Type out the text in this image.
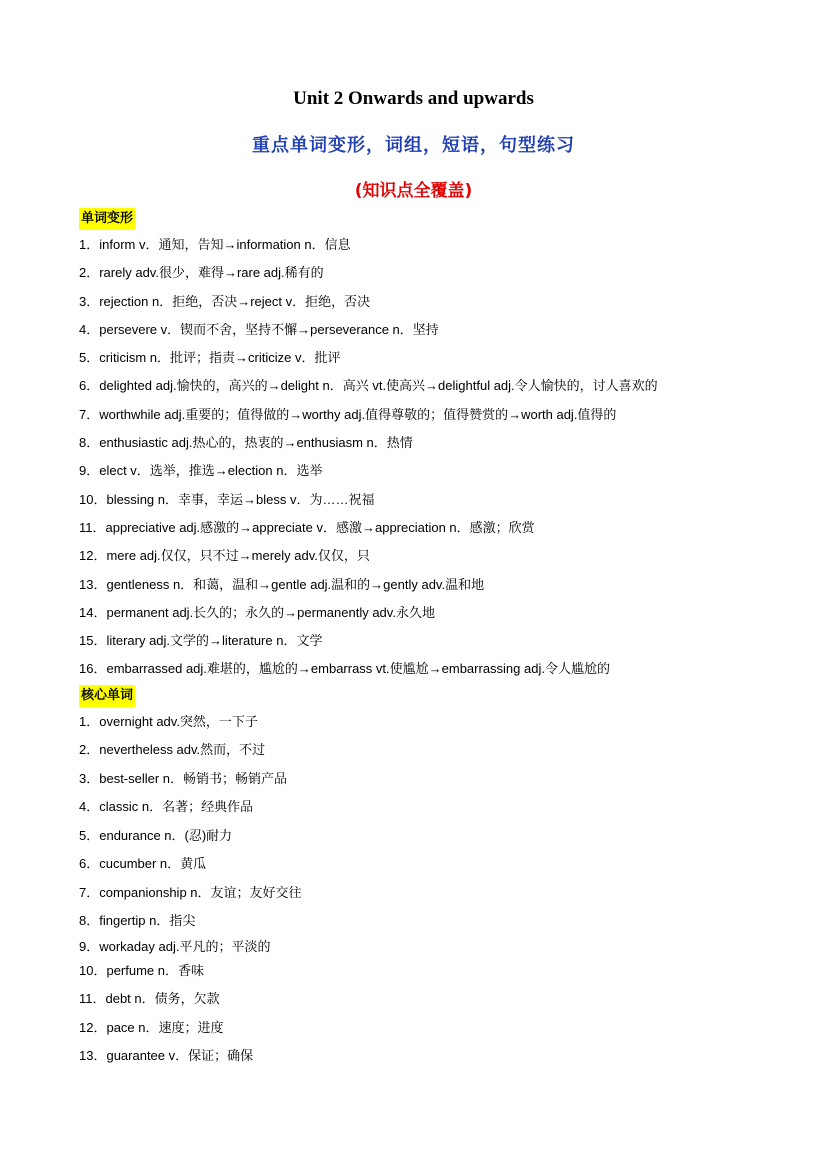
Unit 2 Onwards and upwards
重点单词变形，词组，短语，句型练习
(知识点全覆盖)
单词变形
1．inform v．通知，告知→information n．信息
2．rarely adv.很少，难得→rare adj.稀有的
3．rejection n．拒绝，否决→reject v．拒绝，否决
4．persevere v．锲而不舍，坚持不懈→perseverance n．坚持
5．criticism n．批评；指责→criticize v．批评
6．delighted adj.愉快的，高兴的→delight n．高兴 vt.使高兴→delightful adj.令人愉快的，讨人喜欢的
7．worthwhile adj.重要的；值得做的→worthy adj.值得尊敬的；值得赞赏的→worth adj.值得的
8．enthusiastic adj.热心的，热衷的→enthusiasm n．热情
9．elect v．选举，推选→election n．选举
10．blessing n．幸事，幸运→bless v．为……祝福
11．appreciative adj.感激的→appreciate v．感激→appreciation n．感激；欣赏
12．mere adj.仅仅，只不过→merely adv.仅仅，只
13．gentleness n．和蔼，温和→gentle adj.温和的→gently adv.温和地
14．permanent adj.长久的；永久的→permanently adv.永久地
15．literary adj.文学的→literature n．文学
16．embarrassed adj.难堪的，尴尬的→embarrass vt.使尴尬→embarrassing adj.令人尴尬的
核心单词
1．overnight adv.突然，一下子
2．nevertheless adv.然而，不过
3．best-seller n．畅销书；畅销产品
4．classic n．名著；经典作品
5．endurance n．(忍)耐力
6．cucumber n．黄瓜
7．companionship n．友谊；友好交往
8．fingertip n．指尖
9．workaday adj.平凡的；平淡的
10．perfume n．香味
11．debt n．债务，欠款
12．pace n．速度；进度
13．guarantee v．保证；确保
